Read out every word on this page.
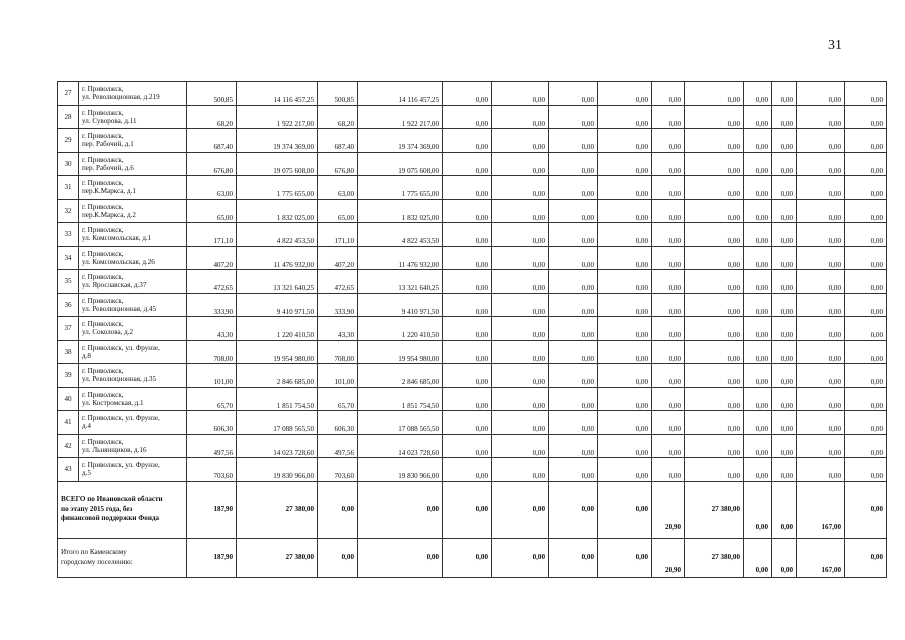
31
27	г. Приволжск,
ул. Революционная, д.219	500,85	14 116 457,25	500,85	14 116 457,25	0,00	0,00	0,00	0,00	0,00	0,00	0,00	0,00	0,00	0,00
28	г. Приволжск,
ул. Суворова, д.11	68,20	1 922 217,00	68,20	1 922 217,00	0,00	0,00	0,00	0,00	0,00	0,00	0,00	0,00	0,00	0,00
29	г. Приволжск,
пер. Рабочий, д.1	687,40	19 374 369,00	687,40	19 374 369,00	0,00	0,00	0,00	0,00	0,00	0,00	0,00	0,00	0,00	0,00
30	г. Приволжск,
пер. Рабочий, д.6	676,80	19 075 608,00	676,80	19 075 608,00	0,00	0,00	0,00	0,00	0,00	0,00	0,00	0,00	0,00	0,00
31	г. Приволжск,
пер.К.Маркса, д.1	63,00	1 775 655,00	63,00	1 775 655,00	0,00	0,00	0,00	0,00	0,00	0,00	0,00	0,00	0,00	0,00
32	г. Приволжск,
пер.К.Маркса, д.2	65,00	1 832 025,00	65,00	1 832 025,00	0,00	0,00	0,00	0,00	0,00	0,00	0,00	0,00	0,00	0,00
33	г. Приволжск,
ул. Комсомольская, д.1	171,10	4 822 453,50	171,10	4 822 453,50	0,00	0,00	0,00	0,00	0,00	0,00	0,00	0,00	0,00	0,00
34	г. Приволжск,
ул. Комсомольская, д.26	407,20	11 476 932,00	407,20	11 476 932,00	0,00	0,00	0,00	0,00	0,00	0,00	0,00	0,00	0,00	0,00
35	г. Приволжск,
ул. Ярославская, д.37	472,65	13 321 640,25	472,65	13 321 640,25	0,00	0,00	0,00	0,00	0,00	0,00	0,00	0,00	0,00	0,00
36	г. Приволжск,
ул. Революционная, д.45	333,90	9 410 971,50	333,90	9 410 971,50	0,00	0,00	0,00	0,00	0,00	0,00	0,00	0,00	0,00	0,00
37	г. Приволжск,
ул. Соколова, д.2	43,30	1 220 410,50	43,30	1 220 410,50	0,00	0,00	0,00	0,00	0,00	0,00	0,00	0,00	0,00	0,00
38	г. Приволжск, ул. Фрунзе,
д.8	708,00	19 954 980,00	708,00	19 954 980,00	0,00	0,00	0,00	0,00	0,00	0,00	0,00	0,00	0,00	0,00
39	г. Приволжск,
ул. Революционная, д.35	101,00	2 846 685,00	101,00	2 846 685,00	0,00	0,00	0,00	0,00	0,00	0,00	0,00	0,00	0,00	0,00
40	г. Приволжск,
ул. Костромская, д.1	65,70	1 851 754,50	65,70	1 851 754,50	0,00	0,00	0,00	0,00	0,00	0,00	0,00	0,00	0,00	0,00
41	г. Приволжск, ул. Фрунзе,
д.4	606,30	17 088 565,50	606,30	17 088 565,50	0,00	0,00	0,00	0,00	0,00	0,00	0,00	0,00	0,00	0,00
42	г. Приволжск,
ул. Льнянщиков, д.16	497,56	14 023 728,60	497,56	14 023 728,60	0,00	0,00	0,00	0,00	0,00	0,00	0,00	0,00	0,00	0,00
43	г. Приволжск, ул. Фрунзе,
д.5	703,60	19 830 966,00	703,60	19 830 966,00	0,00	0,00	0,00	0,00	0,00	0,00	0,00	0,00	0,00	0,00

ВСЕГО по Ивановской области
по этапу 2015 года, без
финансовой поддержки Фонда		187,90	27 380,00	0,00	0,00	0,00	0,00	0,00	0,00	20,90	27 380,00	0,00	0,00	167,00	0,00

Итого по Каменскому
городскому поселению:		187,90	27 380,00	0,00	0,00	0,00	0,00	0,00	0,00	20,90	27 380,00	0,00	0,00	167,00	0,00
